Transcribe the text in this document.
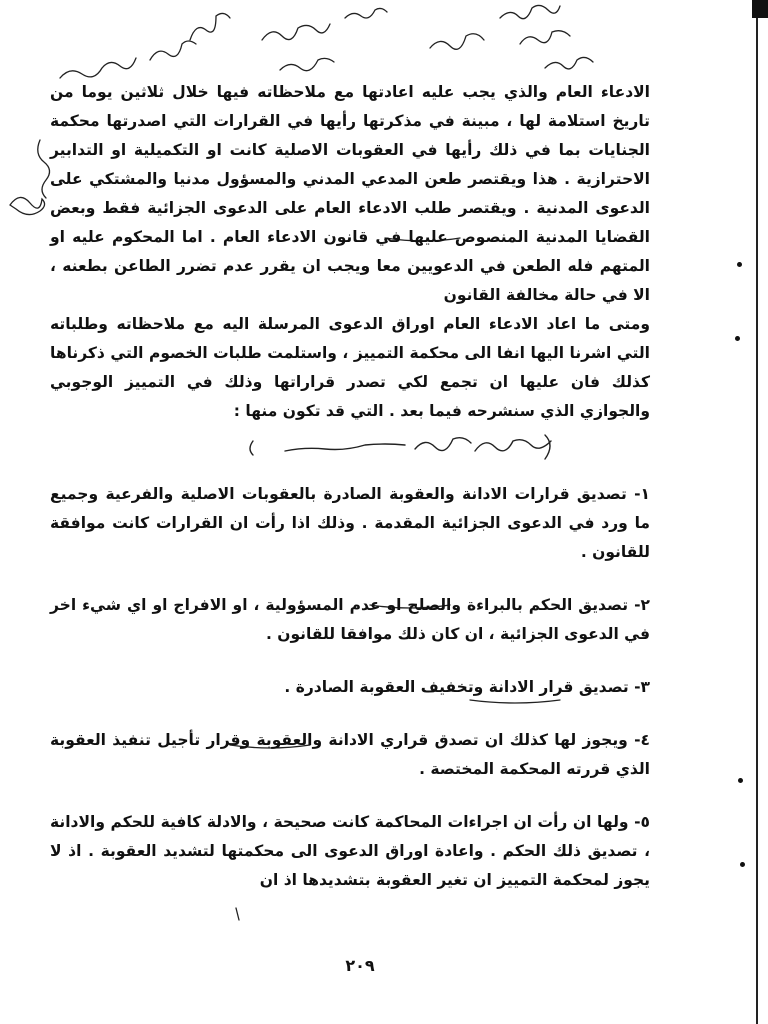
الادعاء العام والذي يجب عليه اعادتها مع ملاحظاته فيها خلال ثلاثين يوما من تاريخ استلامة لها ، مبينة في مذكرتها رأيها في القرارات التي اصدرتها محكمة الجنايات بما في ذلك رأيها في العقوبات الاصلية كانت او التكميلية او التدابير الاحترازية . هذا ويقتصر طعن المدعي المدني والمسؤول مدنيا والمشتكي على الدعوى المدنية . ويقتصر طلب الادعاء العام على الدعوى الجزائية فقط وبعض القضايا المدنية المنصوص عليها في قانون الادعاء العام . اما المحكوم عليه او المتهم فله الطعن في الدعويين معا ويجب ان يقرر عدم تضرر الطاعن بطعنه ، الا في حالة مخالفة القانون

ومتى ما اعاد الادعاء العام اوراق الدعوى المرسلة اليه مع ملاحظاته وطلباته التي اشرنا اليها انفا الى محكمة التمييز ، واستلمت طلبات الخصوم التي ذكرناها كذلك فان عليها ان تجمع لكي تصدر قراراتها وذلك في التمييز الوجوبي والجوازي الذي سنشرحه فيما بعد . التي قد تكون منها :

١- تصديق قرارات الادانة والعقوبة الصادرة بالعقوبات الاصلية والفرعية وجميع ما ورد في الدعوى الجزائية المقدمة . وذلك اذا رأت ان القرارات كانت موافقة للقانون .

٢- تصديق الحكم بالبراءة والصلح او عدم المسؤولية ، او الافراج او اي شيء اخر في الدعوى الجزائية ، ان كان ذلك موافقا للقانون .

٣- تصديق قرار الادانة وتخفيف العقوبة الصادرة .

٤- ويجوز لها كذلك ان تصدق قراري الادانة والعقوبة وقرار تأجيل تنفيذ العقوبة الذي قررته المحكمة المختصة .

٥- ولها ان رأت ان اجراءات المحاكمة كانت صحيحة ، والادلة كافية للحكم والادانة ، تصديق ذلك الحكم . واعادة اوراق الدعوى الى محكمتها لتشديد العقوبة . اذ لا يجوز لمحكمة التمييز ان تغير العقوبة بتشديدها اذ ان

٢٠٩
